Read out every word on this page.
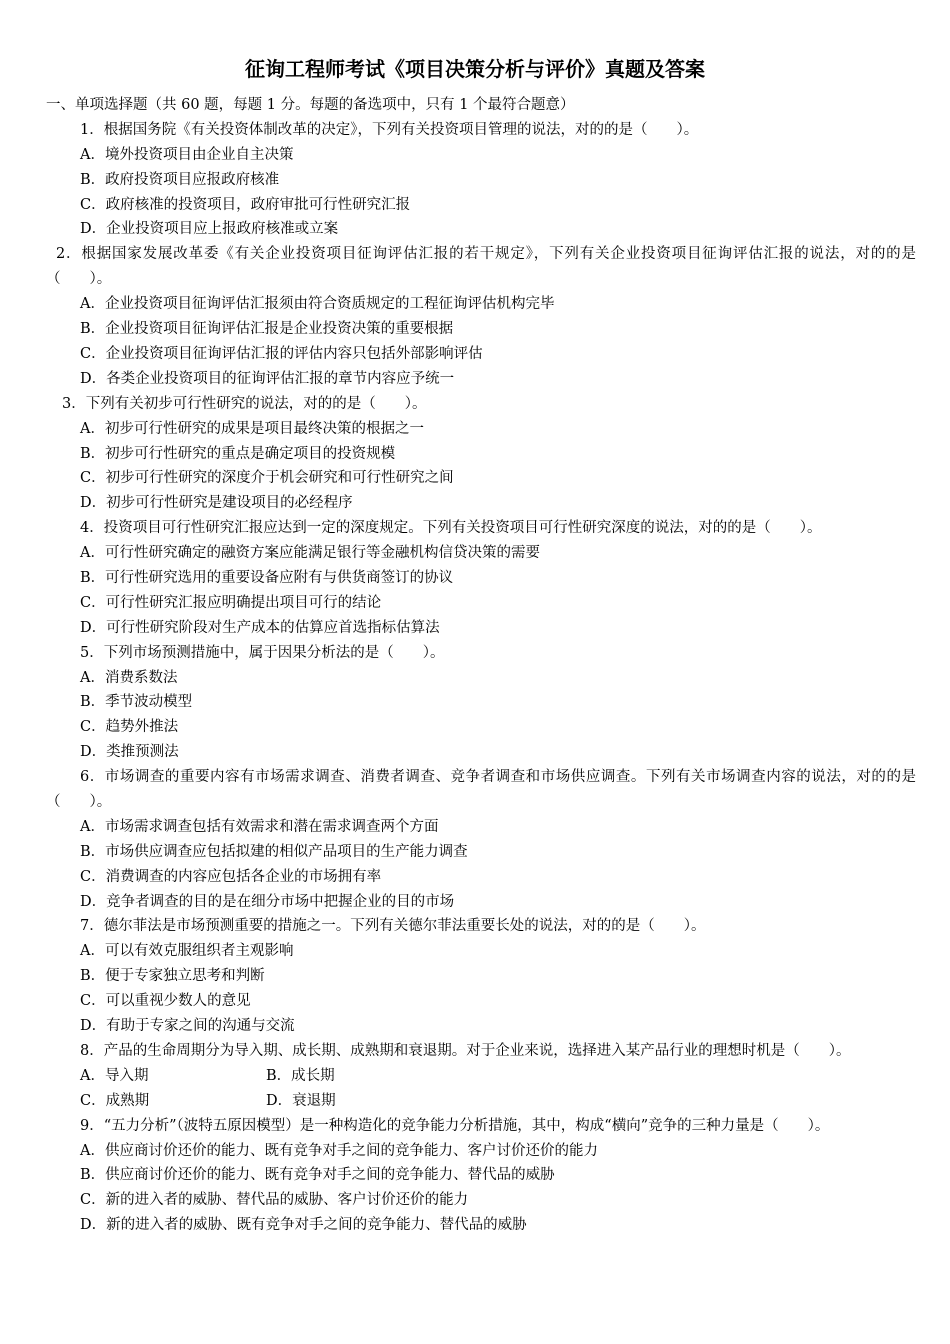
征询工程师考试《项目决策分析与评价》真题及答案
一、单项选择题（共 60 题，每题 1 分。每题的备选项中，只有 1 个最符合题意）
1．根据国务院《有关投资体制改革的决定》，下列有关投资项目管理的说法，对的的是（　　）。
A．境外投资项目由企业自主决策
B．政府投资项目应报政府核准
C．政府核准的投资项目，政府审批可行性研究汇报
D．企业投资项目应上报政府核准或立案
2．根据国家发展改革委《有关企业投资项目征询评估汇报的若干规定》，下列有关企业投资项目征询评估汇报的说法，对的的是（　　）。
A．企业投资项目征询评估汇报须由符合资质规定的工程征询评估机构完毕
B．企业投资项目征询评估汇报是企业投资决策的重要根据
C．企业投资项目征询评估汇报的评估内容只包括外部影响评估
D．各类企业投资项目的征询评估汇报的章节内容应予统一
3．下列有关初步可行性研究的说法，对的的是（　　）。
A．初步可行性研究的成果是项目最终决策的根据之一
B．初步可行性研究的重点是确定项目的投资规模
C．初步可行性研究的深度介于机会研究和可行性研究之间
D．初步可行性研究是建设项目的必经程序
4．投资项目可行性研究汇报应达到一定的深度规定。下列有关投资项目可行性研究深度的说法，对的的是（　　）。
A．可行性研究确定的融资方案应能满足银行等金融机构信贷决策的需要
B．可行性研究选用的重要设备应附有与供货商签订的协议
C．可行性研究汇报应明确提出项目可行的结论
D．可行性研究阶段对生产成本的估算应首选指标估算法
5．下列市场预测措施中，属于因果分析法的是（　　）。
A．消费系数法
B．季节波动模型
C．趋势外推法
D．类推预测法
6．市场调查的重要内容有市场需求调查、消费者调查、竞争者调查和市场供应调查。下列有关市场调查内容的说法，对的的是（　　）。
A．市场需求调查包括有效需求和潜在需求调查两个方面
B．市场供应调查应包括拟建的相似产品项目的生产能力调查
C．消费调查的内容应包括各企业的市场拥有率
D．竞争者调查的目的是在细分市场中把握企业的目的市场
7．德尔菲法是市场预测重要的措施之一。下列有关德尔菲法重要长处的说法，对的的是（　　）。
A．可以有效克服组织者主观影响
B．便于专家独立思考和判断
C．可以重视少数人的意见
D．有助于专家之间的沟通与交流
8．产品的生命周期分为导入期、成长期、成熟期和衰退期。对于企业来说，选择进入某产品行业的理想时机是（　　）。
A．导入期	B．成长期
C．成熟期	D．衰退期
9．“五力分析”（波特五原因模型）是一种构造化的竞争能力分析措施，其中，构成“横向”竞争的三种力量是（　　）。
A．供应商讨价还价的能力、既有竞争对手之间的竞争能力、客户讨价还价的能力
B．供应商讨价还价的能力、既有竞争对手之间的竞争能力、替代品的威胁
C．新的进入者的威胁、替代品的威胁、客户讨价还价的能力
D．新的进入者的威胁、既有竞争对手之间的竞争能力、替代品的威胁
